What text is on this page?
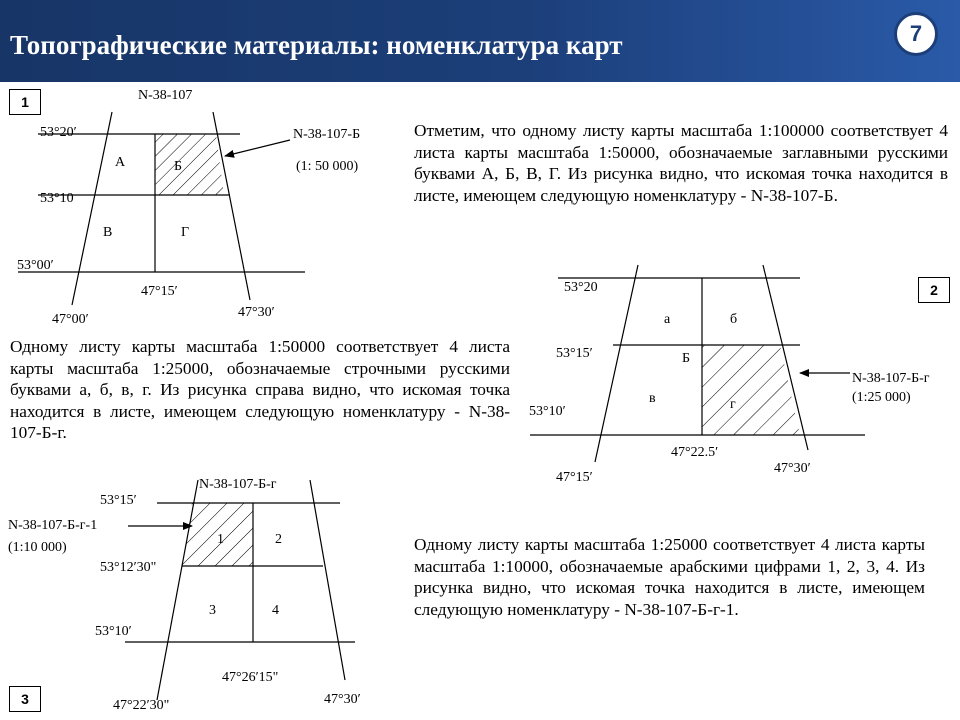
Топографические материалы: номенклатура карт	7
1
2
3
Отметим, что одному листу карты масштаба 1:100000 соответствует 4 листа карты масштаба 1:50000, обозначаемые заглавными русскими буквами А, Б, В, Г. Из рисунка видно, что искомая точка находится в листе, имеющем следующую номенклатуру - N-38-107-Б.
Одному листу карты масштаба 1:50000 соответствует 4 листа карты масштаба 1:25000, обозначаемые строчными русскими буквами а, б, в, г. Из рисунка справа видно, что искомая точка находится в листе, имеющем следующую номенклатуру - N-38-107-Б-г.
Одному листу карты масштаба 1:25000 соответствует 4 листа карты масштаба 1:10000, обозначаемые арабскими цифрами 1, 2, 3, 4. Из рисунка видно, что искомая точка находится в листе, имеющем следующую номенклатуру - N-38-107-Б-г-1.
N-38-107
53°20′
53°10
53°00′
47°00′
47°15′
47°30′
А	Б
В	Г
N-38-107-Б
(1: 50 000)
53°20
53°15′
53°10′
47°15′
47°22.5′
47°30′
Б
а	б
в	г
N-38-107-Б-г
(1:25 000)
N-38-107-Б-г
53°15′
53°12′30"
53°10′
47°22′30"
47°26′15"
47°30′
1	2
3	4
N-38-107-Б-г-1
(1:10 000)
